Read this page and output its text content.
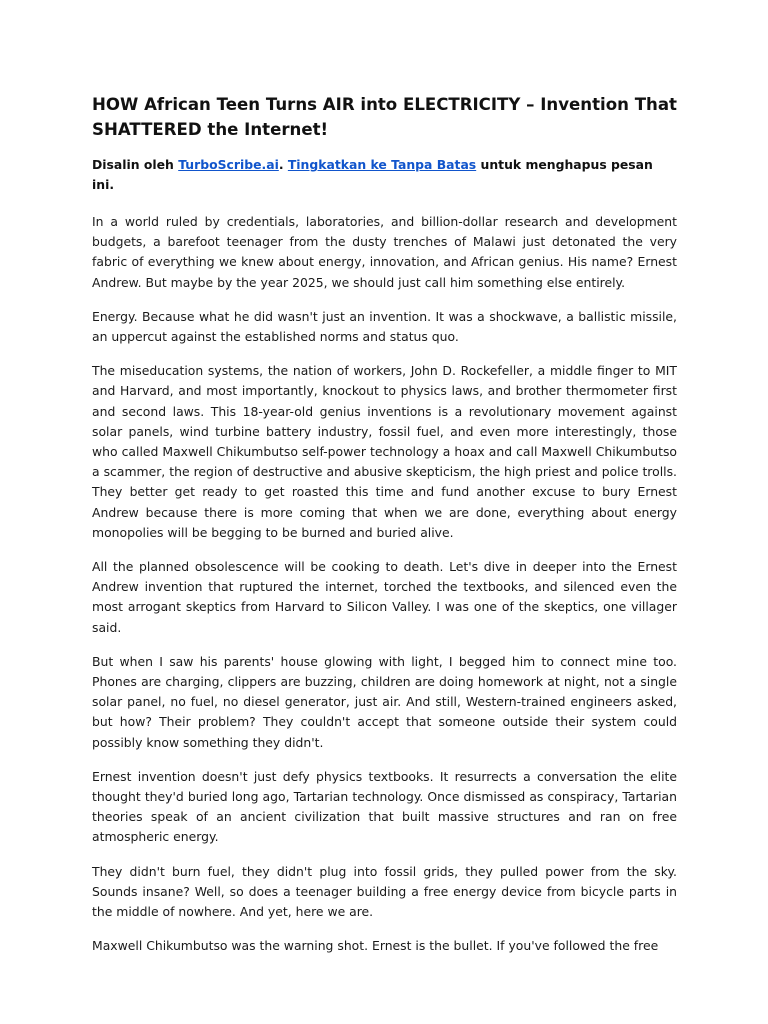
HOW African Teen Turns AIR into ELECTRICITY – Invention That SHATTERED the Internet!

Disalin oleh TurboScribe.ai. Tingkatkan ke Tanpa Batas untuk menghapus pesan ini.

In a world ruled by credentials, laboratories, and billion-dollar research and development budgets, a barefoot teenager from the dusty trenches of Malawi just detonated the very fabric of everything we knew about energy, innovation, and African genius. His name? Ernest Andrew. But maybe by the year 2025, we should just call him something else entirely.

Energy. Because what he did wasn't just an invention. It was a shockwave, a ballistic missile, an uppercut against the established norms and status quo.

The miseducation systems, the nation of workers, John D. Rockefeller, a middle finger to MIT and Harvard, and most importantly, knockout to physics laws, and brother thermometer first and second laws. This 18-year-old genius inventions is a revolutionary movement against solar panels, wind turbine battery industry, fossil fuel, and even more interestingly, those who called Maxwell Chikumbutso self-power technology a hoax and call Maxwell Chikumbutso a scammer, the region of destructive and abusive skepticism, the high priest and police trolls. They better get ready to get roasted this time and fund another excuse to bury Ernest Andrew because there is more coming that when we are done, everything about energy monopolies will be begging to be burned and buried alive.

All the planned obsolescence will be cooking to death. Let's dive in deeper into the Ernest Andrew invention that ruptured the internet, torched the textbooks, and silenced even the most arrogant skeptics from Harvard to Silicon Valley. I was one of the skeptics, one villager said.

But when I saw his parents' house glowing with light, I begged him to connect mine too. Phones are charging, clippers are buzzing, children are doing homework at night, not a single solar panel, no fuel, no diesel generator, just air. And still, Western-trained engineers asked, but how? Their problem? They couldn't accept that someone outside their system could possibly know something they didn't.

Ernest invention doesn't just defy physics textbooks. It resurrects a conversation the elite thought they'd buried long ago, Tartarian technology. Once dismissed as conspiracy, Tartarian theories speak of an ancient civilization that built massive structures and ran on free atmospheric energy.

They didn't burn fuel, they didn't plug into fossil grids, they pulled power from the sky. Sounds insane? Well, so does a teenager building a free energy device from bicycle parts in the middle of nowhere. And yet, here we are.

Maxwell Chikumbutso was the warning shot. Ernest is the bullet. If you've followed the free
